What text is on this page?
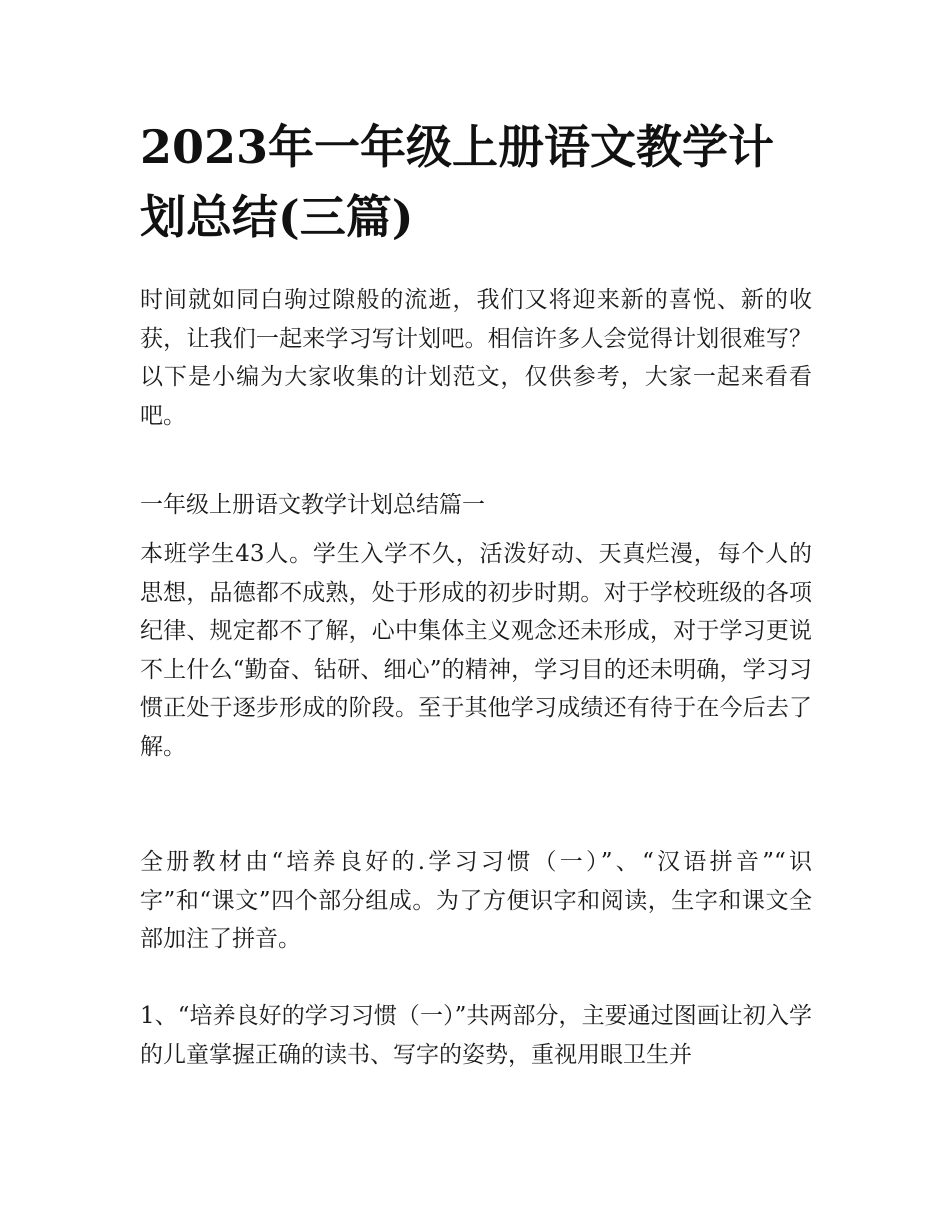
2023年一年级上册语文教学计划总结(三篇)

时间就如同白驹过隙般的流逝，我们又将迎来新的喜悦、新的收获，让我们一起来学习写计划吧。相信许多人会觉得计划很难写？以下是小编为大家收集的计划范文，仅供参考，大家一起来看看吧。

一年级上册语文教学计划总结篇一

本班学生43人。学生入学不久，活泼好动、天真烂漫，每个人的思想，品德都不成熟，处于形成的初步时期。对于学校班级的各项纪律、规定都不了解，心中集体主义观念还未形成，对于学习更说不上什么“勤奋、钻研、细心”的精神，学习目的还未明确，学习习惯正处于逐步形成的阶段。至于其他学习成绩还有待于在今后去了解。

全册教材由“培养良好的.学习习惯（一）”、“汉语拼音”“识字”和“课文”四个部分组成。为了方便识字和阅读，生字和课文全部加注了拼音。

1、“培养良好的学习习惯（一）”共两部分，主要通过图画让初入学的儿童掌握正确的读书、写字的姿势，重视用眼卫生并
